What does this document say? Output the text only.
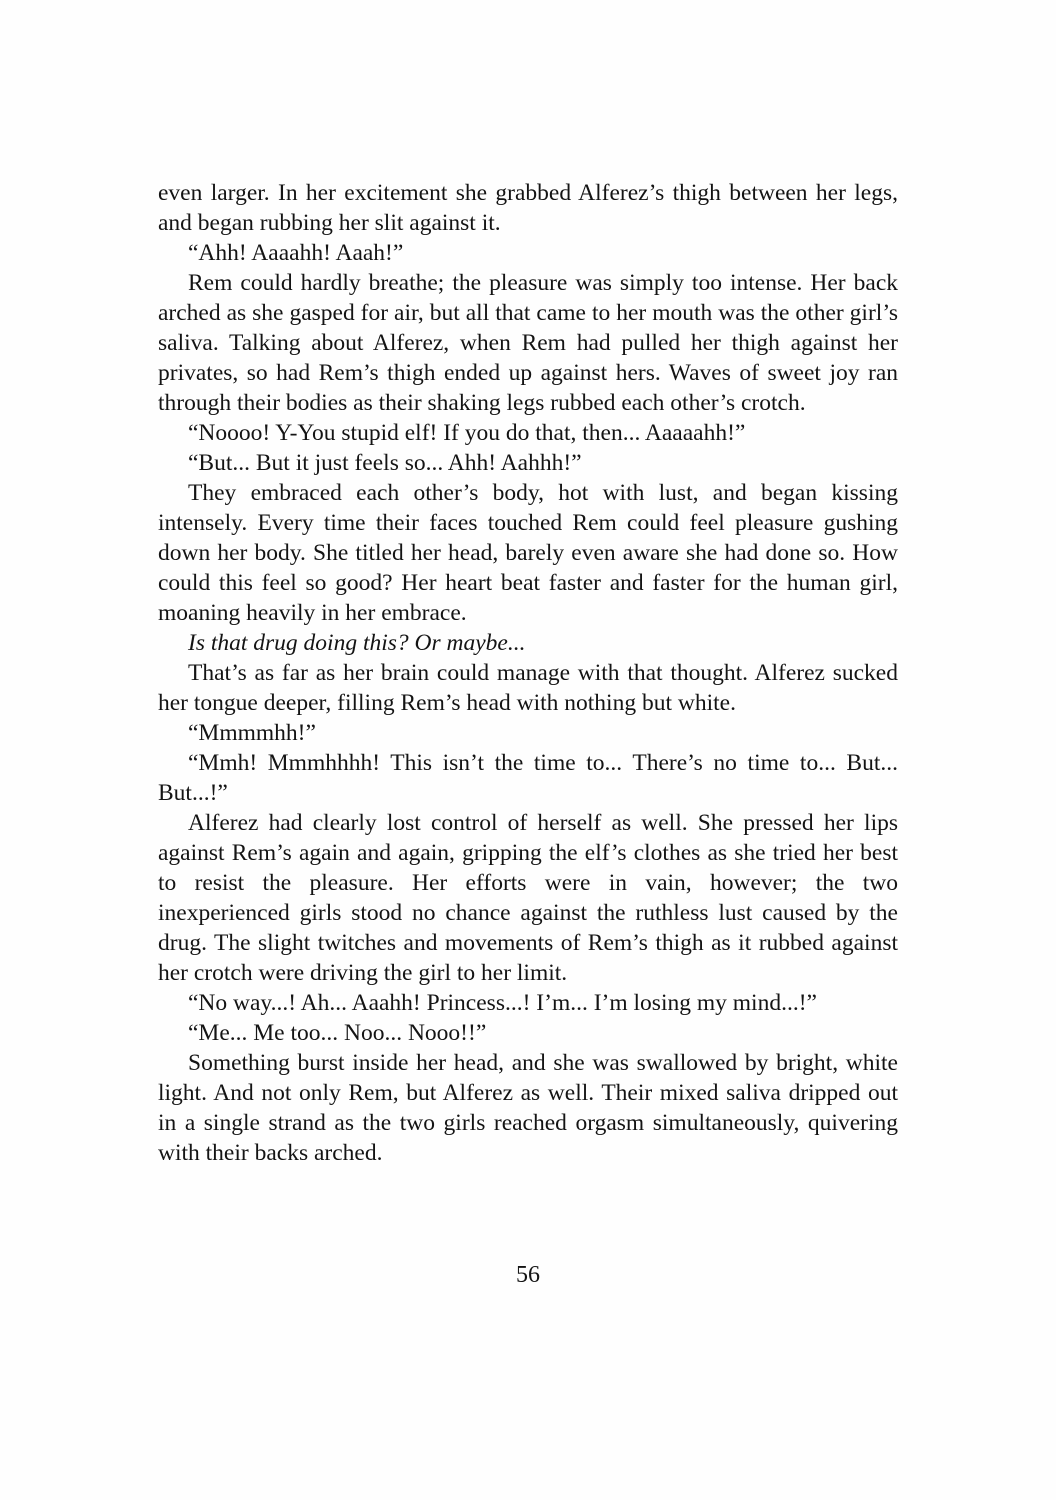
even larger. In her excitement she grabbed Alferez’s thigh between her legs, and began rubbing her slit against it.

“Ahh! Aaaahh! Aaah!”

Rem could hardly breathe; the pleasure was simply too intense. Her back arched as she gasped for air, but all that came to her mouth was the other girl’s saliva. Talking about Alferez, when Rem had pulled her thigh against her privates, so had Rem’s thigh ended up against hers. Waves of sweet joy ran through their bodies as their shaking legs rubbed each other’s crotch.

“Noooo! Y-You stupid elf! If you do that, then... Aaaaahh!”

“But... But it just feels so... Ahh! Aahhh!”

They embraced each other’s body, hot with lust, and began kissing intensely. Every time their faces touched Rem could feel pleasure gushing down her body. She titled her head, barely even aware she had done so. How could this feel so good? Her heart beat faster and faster for the human girl, moaning heavily in her embrace.

Is that drug doing this? Or maybe...

That’s as far as her brain could manage with that thought. Alferez sucked her tongue deeper, filling Rem’s head with nothing but white.

“Mmmmhh!”

“Mmh! Mmmhhhh! This isn’t the time to... There’s no time to... But... But...!”

Alferez had clearly lost control of herself as well. She pressed her lips against Rem’s again and again, gripping the elf’s clothes as she tried her best to resist the pleasure. Her efforts were in vain, however; the two inexperienced girls stood no chance against the ruthless lust caused by the drug. The slight twitches and movements of Rem’s thigh as it rubbed against her crotch were driving the girl to her limit.

“No way...! Ah... Aaahh! Princess...! I’m... I’m losing my mind...!”

“Me... Me too... Noo... Nooo!!”

Something burst inside her head, and she was swallowed by bright, white light. And not only Rem, but Alferez as well. Their mixed saliva dripped out in a single strand as the two girls reached orgasm simultaneously, quivering with their backs arched.

56
